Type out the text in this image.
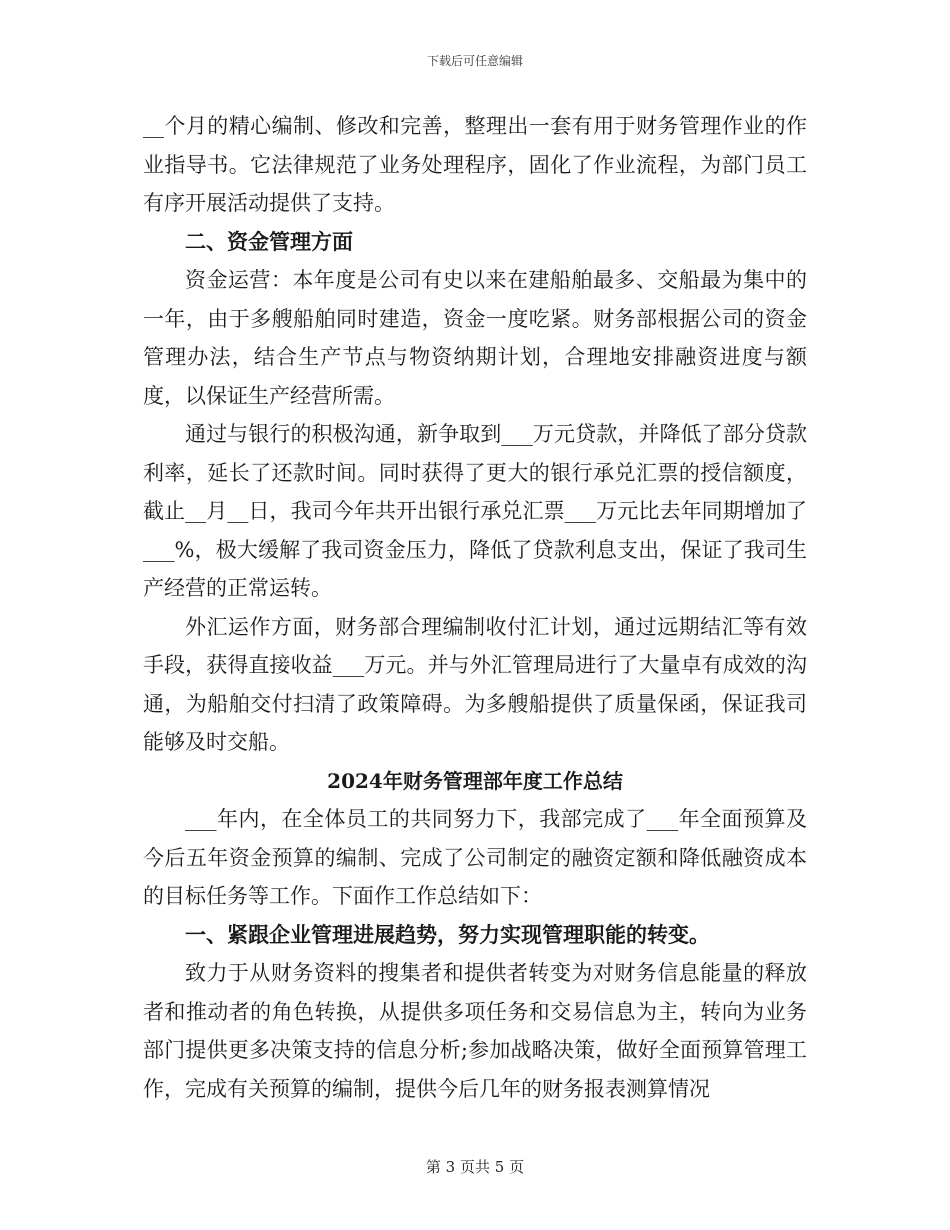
下载后可任意编辑

__个月的精心编制、修改和完善，整理出一套有用于财务管理作业的作业指导书。它法律规范了业务处理程序，固化了作业流程，为部门员工有序开展活动提供了支持。

二、资金管理方面

资金运营：本年度是公司有史以来在建船舶最多、交船最为集中的一年，由于多艘船舶同时建造，资金一度吃紧。财务部根据公司的资金管理办法，结合生产节点与物资纳期计划，合理地安排融资进度与额度，以保证生产经营所需。

通过与银行的积极沟通，新争取到___万元贷款，并降低了部分贷款利率，延长了还款时间。同时获得了更大的银行承兑汇票的授信额度，截止__月__日，我司今年共开出银行承兑汇票___万元比去年同期增加了___%，极大缓解了我司资金压力，降低了贷款利息支出，保证了我司生产经营的正常运转。

外汇运作方面，财务部合理编制收付汇计划，通过远期结汇等有效手段，获得直接收益___万元。并与外汇管理局进行了大量卓有成效的沟通，为船舶交付扫清了政策障碍。为多艘船提供了质量保函，保证我司能够及时交船。

2024年财务管理部年度工作总结

___年内，在全体员工的共同努力下，我部完成了___年全面预算及今后五年资金预算的编制、完成了公司制定的融资定额和降低融资成本的目标任务等工作。下面作工作总结如下：

一、紧跟企业管理进展趋势，努力实现管理职能的转变。

致力于从财务资料的搜集者和提供者转变为对财务信息能量的释放者和推动者的角色转换，从提供多项任务和交易信息为主，转向为业务部门提供更多决策支持的信息分析;参加战略决策，做好全面预算管理工作，完成有关预算的编制，提供今后几年的财务报表测算情况

第 3 页共 5 页
